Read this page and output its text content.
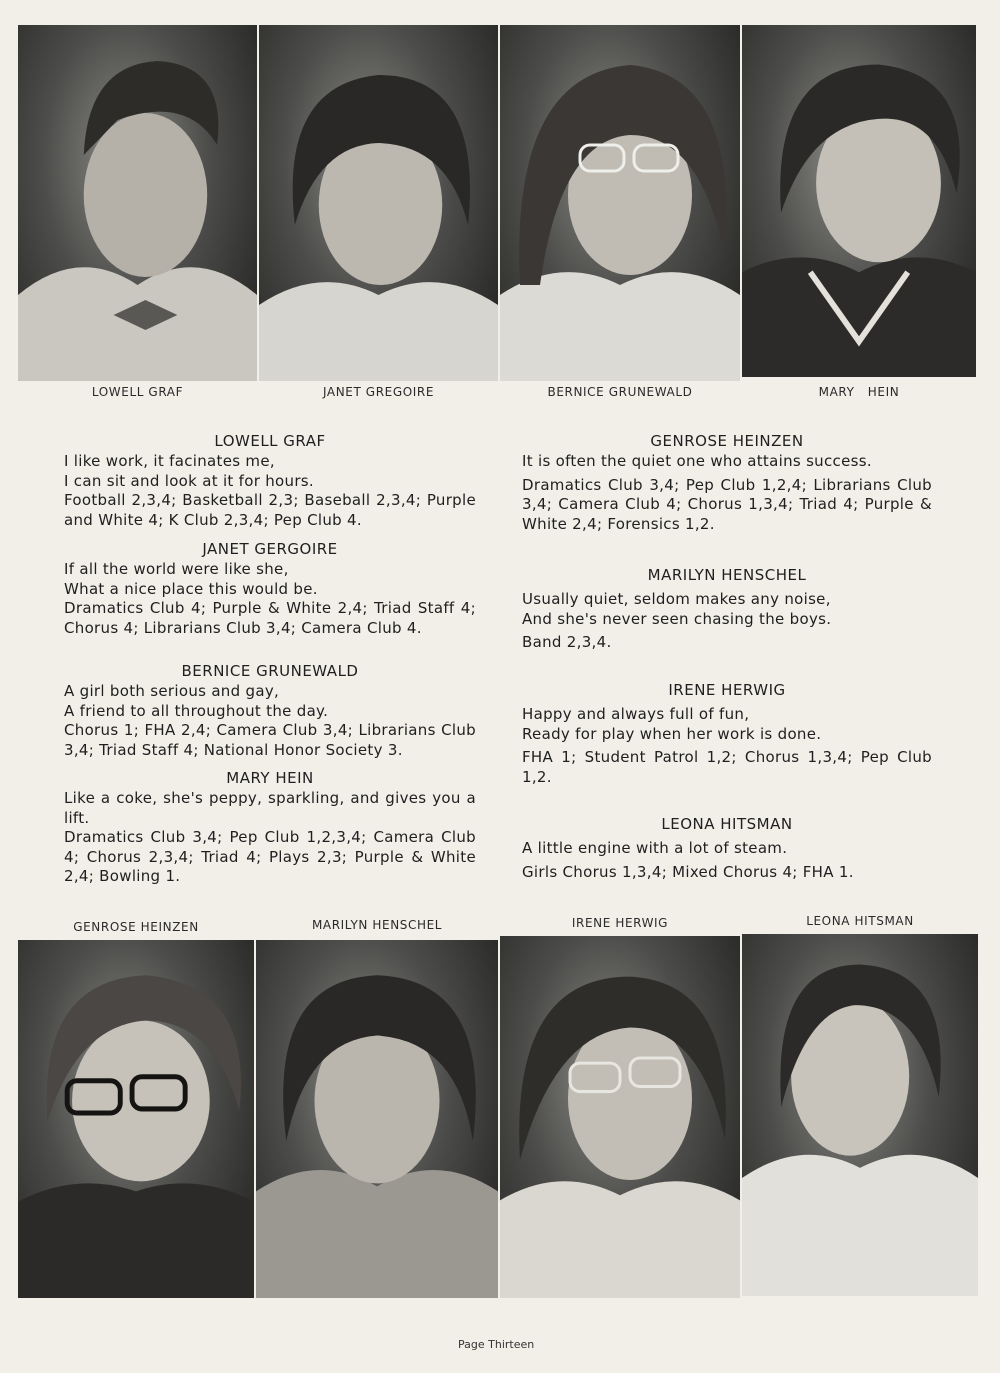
LOWELL GRAF	JANET GREGOIRE	BERNICE GRUNEWALD	MARY   HEIN
LOWELL GRAF
I like work, it facinates me,
I can sit and look at it for hours.
Football 2,3,4; Basketball 2,3; Baseball 2,3,4; Purple and White 4; K Club 2,3,4; Pep Club 4.
JANET GERGOIRE
If all the world were like she,
What a nice place this would be.
Dramatics Club 4; Purple & White 2,4; Triad Staff 4; Chorus 4; Librarians Club 3,4; Camera Club 4.
BERNICE GRUNEWALD
A girl both serious and gay,
A friend to all throughout the day.
Chorus 1; FHA 2,4; Camera Club 3,4; Librarians Club 3,4; Triad Staff 4; National Honor Society 3.
MARY HEIN
Like a coke, she's peppy, sparkling, and gives you a lift.
Dramatics Club 3,4; Pep Club 1,2,3,4; Camera Club 4; Chorus 2,3,4; Triad 4; Plays 2,3; Purple & White 2,4; Bowling 1.
GENROSE HEINZEN
It is often the quiet one who attains success.
Dramatics Club 3,4; Pep Club 1,2,4; Librarians Club 3,4; Camera Club 4; Chorus 1,3,4; Triad 4; Purple & White 2,4; Forensics 1,2.
MARILYN HENSCHEL
Usually quiet, seldom makes any noise,
And she's never seen chasing the boys.
Band 2,3,4.
IRENE HERWIG
Happy and always full of fun,
Ready for play when her work is done.
FHA 1; Student Patrol 1,2; Chorus 1,3,4; Pep Club 1,2.
LEONA HITSMAN
A little engine with a lot of steam.
Girls Chorus 1,3,4; Mixed Chorus 4; FHA 1.
GENROSE HEINZEN	MARILYN HENSCHEL	IRENE HERWIG	LEONA HITSMAN
Page Thirteen
